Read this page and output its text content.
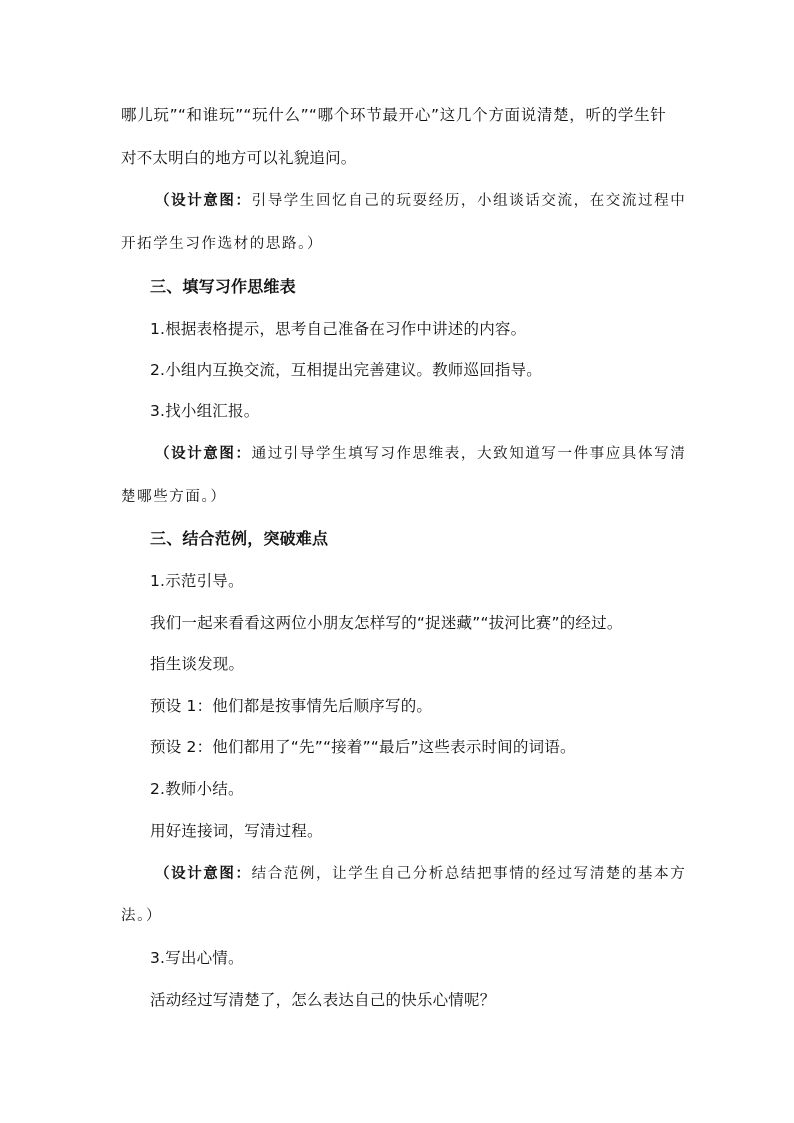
哪儿玩”“和谁玩”“玩什么”“哪个环节最开心”这几个方面说清楚，听的学生针
对不太明白的地方可以礼貌追问。
（设计意图：引导学生回忆自己的玩耍经历，小组谈话交流，在交流过程中
开拓学生习作选材的思路。）
三、填写习作思维表
1.根据表格提示，思考自己准备在习作中讲述的内容。
2.小组内互换交流，互相提出完善建议。教师巡回指导。
3.找小组汇报。
（设计意图：通过引导学生填写习作思维表，大致知道写一件事应具体写清
楚哪些方面。）
三、结合范例，突破难点
1.示范引导。
我们一起来看看这两位小朋友怎样写的“捉迷藏”“拔河比赛”的经过。
指生谈发现。
预设 1：他们都是按事情先后顺序写的。
预设 2：他们都用了“先”“接着”“最后”这些表示时间的词语。
2.教师小结。
用好连接词，写清过程。
（设计意图：结合范例，让学生自己分析总结把事情的经过写清楚的基本方
法。）
3.写出心情。
活动经过写清楚了，怎么表达自己的快乐心情呢？
